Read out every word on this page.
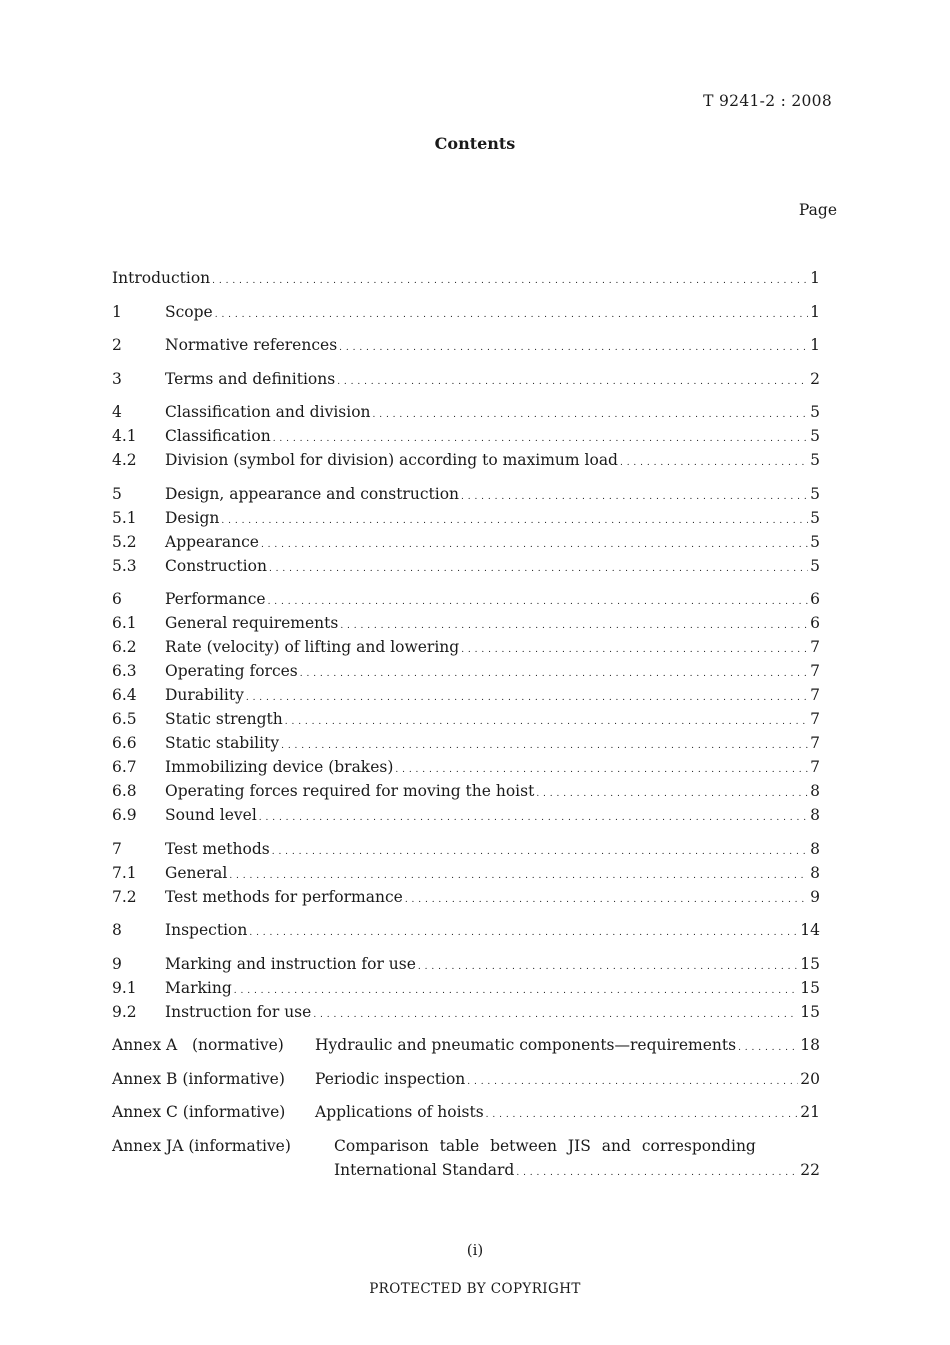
T 9241-2 : 2008
Contents
Page
Introduction . . .	1
1	Scope . . .	1
2	Normative references . . .	1
3	Terms and definitions . . .	2
4	Classification and division . . .	5
4.1	Classification . . .	5
4.2	Division (symbol for division) according to maximum load . . .	5
5	Design, appearance and construction . . .	5
5.1	Design . . .	5
5.2	Appearance . . .	5
5.3	Construction . . .	5
6	Performance . . .	6
6.1	General requirements . . .	6
6.2	Rate (velocity) of lifting and lowering . . .	7
6.3	Operating forces . . .	7
6.4	Durability . . .	7
6.5	Static strength . . .	7
6.6	Static stability . . .	7
6.7	Immobilizing device (brakes) . . .	7
6.8	Operating forces required for moving the hoist . . .	8
6.9	Sound level . . .	8
7	Test methods . . .	8
7.1	General . . .	8
7.2	Test methods for performance . . .	9
8	Inspection . . .	14
9	Marking and instruction for use . . .	15
9.1	Marking . . .	15
9.2	Instruction for use . . .	15
Annex A   (normative)	Hydraulic and pneumatic components—requirements . . .	18
Annex B (informative)	Periodic inspection . . .	20
Annex C (informative)	Applications of hoists . . .	21
Annex JA (informative)	Comparison table between JIS and corresponding
International Standard . . .	22
(i)
PROTECTED BY COPYRIGHT
